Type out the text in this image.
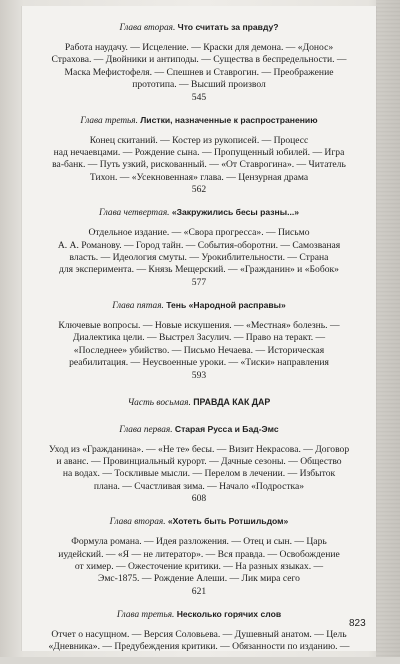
Глава вторая. Что считать за правду?

Работа наудачу. — Исцеление. — Краски для демона. — «Донос»
Страхова. — Двойники и антиподы. — Существа в беспредельности. —
Маска Мефистофеля. — Спешнев и Ставрогин. — Преображение
прототипа. — Высший произвол
545

Глава третья. Листки, назначенные к распространению

Конец скитаний. — Костер из рукописей. — Процесс
над нечаевцами. — Рождение сына. — Пропущенный юбилей. — Игра
ва-банк. — Путь узкий, рискованный. — «От Ставрогина». — Читатель
Тихон. — «Усекновенная» глава. — Цензурная драма
562

Глава четвертая. «Закружились бесы разны...»

Отдельное издание. — «Свора прогресса». — Письмо
А. А. Романову. — Город тайн. — События-оборотни. — Самозваная
власть. — Идеология смуты. — Урокиблительности. — Страна
для эксперимента. — Князь Мещерский. — «Гражданин» и «Бобок»
577

Глава пятая. Тень «Народной расправы»

Ключевые вопросы. — Новые искушения. — «Местная» болезнь. —
Диалектика цели. — Выстрел Засулич. — Право на теракт. —
«Последнее» убийство. — Письмо Нечаева. — Историческая
реабилитация. — Неусвоенные уроки. — «Тиски» направления
593

Часть восьмая. ПРАВДА КАК ДАР

Глава первая. Старая Русса и Бад-Эмс

Уход из «Гражданина». — «Не те» бесы. — Визит Некрасова. — Договор
и аванс. — Провинциальный курорт. — Дачные сезоны. — Общество
на водах. — Тоскливые мысли. — Перелом в лечении. — Избыток
плана. — Счастливая зима. — Начало «Подростка»
608

Глава вторая. «Хотеть быть Ротшильдом»

Формула романа. — Идея разложения. — Отец и сын. — Царь
иудейский. — «Я — не литератор». — Вся правда. — Освобождение
от химер. — Ожесточение критики. — На разных языках. —
Эмс-1875. — Рождение Алеши. — Лик мира сего
621

Глава третья. Несколько горячих слов

Отчет о насущном. — Версия Соловьева. — Душевный анатом. — Цель
«Дневника». — Предубеждения критики. — Обязанности по изданию. —
823
